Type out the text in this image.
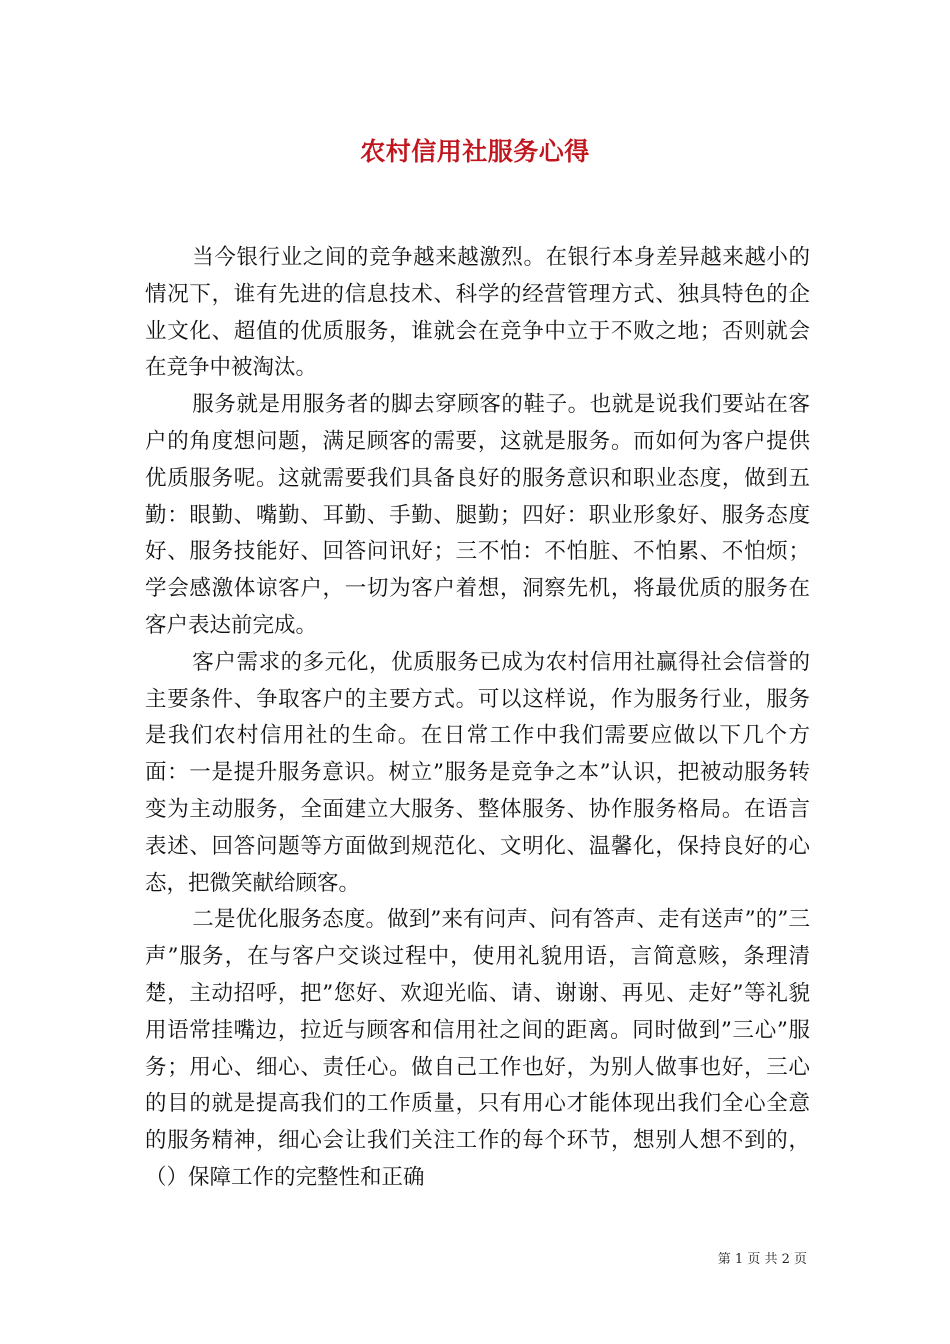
农村信用社服务心得

当今银行业之间的竞争越来越激烈。在银行本身差异越来越小的情况下，谁有先进的信息技术、科学的经营管理方式、独具特色的企业文化、超值的优质服务，谁就会在竞争中立于不败之地；否则就会在竞争中被淘汰。

服务就是用服务者的脚去穿顾客的鞋子。也就是说我们要站在客户的角度想问题，满足顾客的需要，这就是服务。而如何为客户提供优质服务呢。这就需要我们具备良好的服务意识和职业态度，做到五勤：眼勤、嘴勤、耳勤、手勤、腿勤；四好：职业形象好、服务态度好、服务技能好、回答问讯好；三不怕：不怕脏、不怕累、不怕烦；学会感激体谅客户，一切为客户着想，洞察先机，将最优质的服务在客户表达前完成。

客户需求的多元化，优质服务已成为农村信用社赢得社会信誉的主要条件、争取客户的主要方式。可以这样说，作为服务行业，服务是我们农村信用社的生命。在日常工作中我们需要应做以下几个方面：一是提升服务意识。树立”服务是竞争之本”认识，把被动服务转变为主动服务，全面建立大服务、整体服务、协作服务格局。在语言表述、回答问题等方面做到规范化、文明化、温馨化，保持良好的心态，把微笑献给顾客。

二是优化服务态度。做到”来有问声、问有答声、走有送声”的”三声”服务，在与客户交谈过程中，使用礼貌用语，言简意赅，条理清楚，主动招呼，把”您好、欢迎光临、请、谢谢、再见、走好”等礼貌用语常挂嘴边，拉近与顾客和信用社之间的距离。同时做到”三心”服务；用心、细心、责任心。做自己工作也好，为别人做事也好，三心的目的就是提高我们的工作质量，只有用心才能体现出我们全心全意的服务精神，细心会让我们关注工作的每个环节，想别人想不到的，（）保障工作的完整性和正确

第 1 页 共 2 页
